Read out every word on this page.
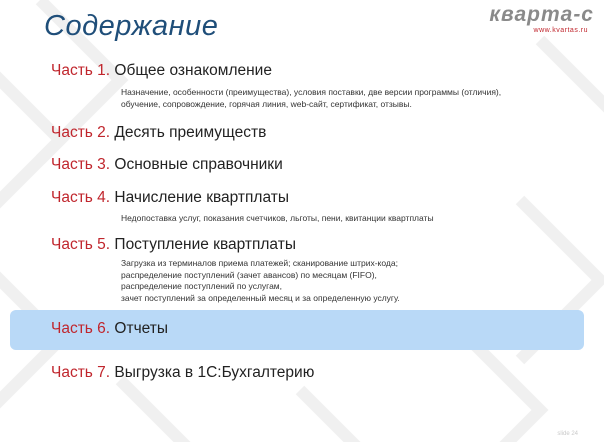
Содержание	кварта-с
www.kvartas.ru
Часть 1. Общее ознакомление
Назначение, особенности (преимущества), условия поставки, две версии программы (отличия),
обучение, сопровождение, горячая линия, web-сайт, сертификат, отзывы.
Часть 2. Десять преимуществ
Часть 3. Основные справочники
Часть 4. Начисление квартплаты
Недопоставка услуг, показания счетчиков, льготы, пени, квитанции квартплаты
Часть 5. Поступление квартплаты
Загрузка из терминалов приема платежей; сканирование штрих-кода;
распределение поступлений (зачет авансов) по месяцам (FIFO),
распределение поступлений по услугам,
зачет поступлений за определенный месяц и за определенную услугу.
Часть 6. Отчеты
Часть 7. Выгрузка в 1С:Бухгалтерию
slide 24
